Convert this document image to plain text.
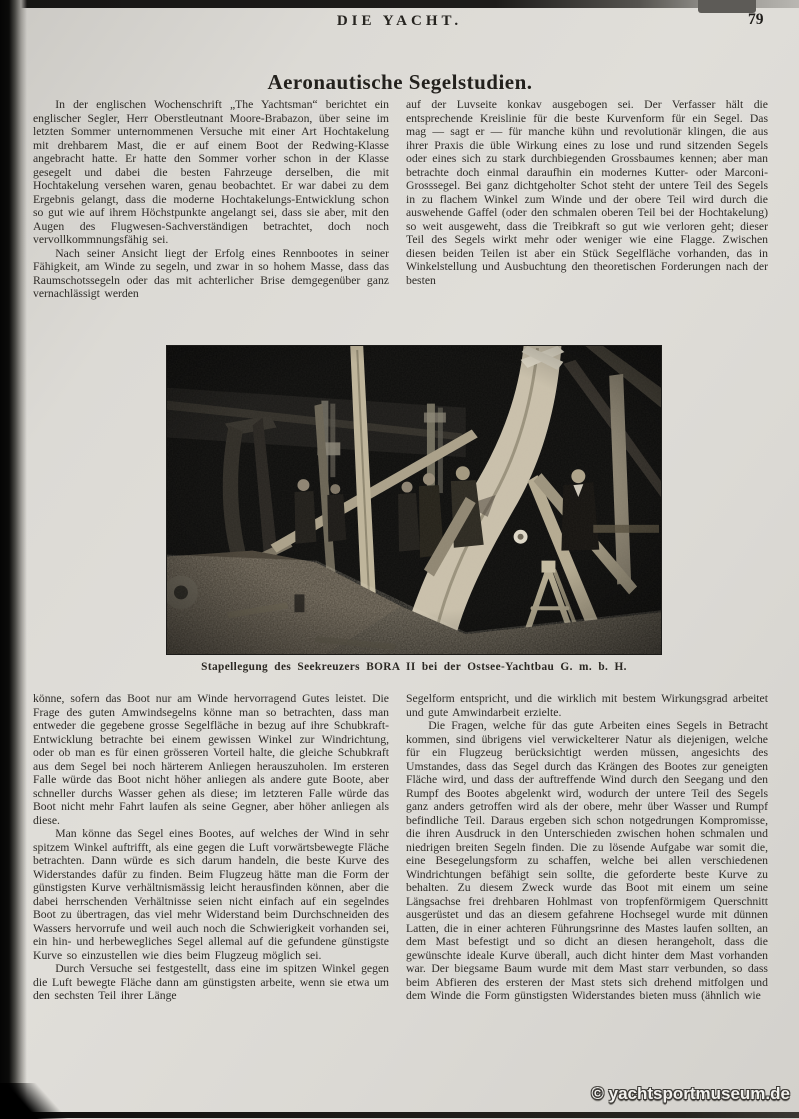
DIE YACHT.	79
Aeronautische Segelstudien.

In der englischen Wochenschrift „The Yachtsman“ berichtet ein englischer Segler, Herr Oberstleutnant Moore-Brabazon, über seine im letzten Sommer unternommenen Versuche mit einer Art Hochtakelung mit drehbarem Mast, die er auf einem Boot der Redwing-Klasse angebracht hatte. Er hatte den Sommer vorher schon in der Klasse gesegelt und dabei die besten Fahrzeuge derselben, die mit Hochtakelung versehen waren, genau beobachtet. Er war dabei zu dem Ergebnis gelangt, dass die moderne Hochtakelungs-Entwicklung schon so gut wie auf ihrem Höchstpunkte angelangt sei, dass sie aber, mit den Augen des Flugwesen-Sachverständigen betrachtet, doch noch vervollkommnungsfähig sei.

Nach seiner Ansicht liegt der Erfolg eines Rennbootes in seiner Fähigkeit, am Winde zu segeln, und zwar in so hohem Masse, dass das Raumschotssegeln oder das mit achterlicher Brise demgegenüber ganz vernachlässigt werden

auf der Luvseite konkav ausgebogen sei. Der Verfasser hält die entsprechende Kreislinie für die beste Kurvenform für ein Segel. Das mag — sagt er — für manche kühn und revolutionär klingen, die aus ihrer Praxis die üble Wirkung eines zu lose und rund sitzenden Segels oder eines sich zu stark durchbiegenden Grossbaumes kennen; aber man betrachte doch einmal daraufhin ein modernes Kutter- oder Marconi-Grosssegel. Bei ganz dichtgeholter Schot steht der untere Teil des Segels in zu flachem Winkel zum Winde und der obere Teil wird durch die auswehende Gaffel (oder den schmalen oberen Teil bei der Hochtakelung) so weit ausgeweht, dass die Treibkraft so gut wie verloren geht; dieser Teil des Segels wirkt mehr oder weniger wie eine Flagge. Zwischen diesen beiden Teilen ist aber ein Stück Segelfläche vorhanden, das in Winkelstellung und Ausbuchtung den theoretischen Forderungen nach der besten

Stapellegung des Seekreuzers BORA II bei der Ostsee-Yachtbau G. m. b. H.

könne, sofern das Boot nur am Winde hervorragend Gutes leistet. Die Frage des guten Amwindsegelns könne man so betrachten, dass man entweder die gegebene grosse Segelfläche in bezug auf ihre Schubkraft-Entwicklung betrachte bei einem gewissen Winkel zur Windrichtung, oder ob man es für einen grösseren Vorteil halte, die gleiche Schubkraft aus dem Segel bei noch härterem Anliegen herauszuholen. Im ersteren Falle würde das Boot nicht höher anliegen als andere gute Boote, aber schneller durchs Wasser gehen als diese; im letzteren Falle würde das Boot nicht mehr Fahrt laufen als seine Gegner, aber höher anliegen als diese.

Man könne das Segel eines Bootes, auf welches der Wind in sehr spitzem Winkel auftrifft, als eine gegen die Luft vorwärtsbewegte Fläche betrachten. Dann würde es sich darum handeln, die beste Kurve des Widerstandes dafür zu finden. Beim Flugzeug hätte man die Form der günstigsten Kurve verhältnismässig leicht herausfinden können, aber die dabei herrschenden Verhältnisse seien nicht einfach auf ein segelndes Boot zu übertragen, das viel mehr Widerstand beim Durchschneiden des Wassers hervorrufe und weil auch noch die Schwierigkeit vorhanden sei, ein hin- und herbewegliches Segel allemal auf die gefundene günstigste Kurve so einzustellen wie dies beim Flugzeug möglich sei.

Durch Versuche sei festgestellt, dass eine im spitzen Winkel gegen die Luft bewegte Fläche dann am günstigsten arbeite, wenn sie etwa um den sechsten Teil ihrer Länge

Segelform entspricht, und die wirklich mit bestem Wirkungsgrad arbeitet und gute Amwindarbeit erzielte.

Die Fragen, welche für das gute Arbeiten eines Segels in Betracht kommen, sind übrigens viel verwickelterer Natur als diejenigen, welche für ein Flugzeug berücksichtigt werden müssen, angesichts des Umstandes, dass das Segel durch das Krängen des Bootes zur geneigten Fläche wird, und dass der auftreffende Wind durch den Seegang und den Rumpf des Bootes abgelenkt wird, wodurch der untere Teil des Segels ganz anders getroffen wird als der obere, mehr über Wasser und Rumpf befindliche Teil. Daraus ergeben sich schon notgedrungen Kompromisse, die ihren Ausdruck in den Unterschieden zwischen hohen schmalen und niedrigen breiten Segeln finden. Die zu lösende Aufgabe war somit die, eine Besegelungsform zu schaffen, welche bei allen verschiedenen Windrichtungen befähigt sein sollte, die geforderte beste Kurve zu behalten. Zu diesem Zweck wurde das Boot mit einem um seine Längsachse frei drehbaren Hohlmast von tropfenförmigem Querschnitt ausgerüstet und das an diesem gefahrene Hochsegel wurde mit dünnen Latten, die in einer achteren Führungsrinne des Mastes laufen sollten, an dem Mast befestigt und so dicht an diesen herangeholt, dass die gewünschte ideale Kurve überall, auch dicht hinter dem Mast vorhanden war. Der biegsame Baum wurde mit dem Mast starr verbunden, so dass beim Abfieren des ersteren der Mast stets sich drehend mitfolgen und dem Winde die Form günstigsten Widerstandes bieten muss (ähnlich wie

© yachtsportmuseum.de
